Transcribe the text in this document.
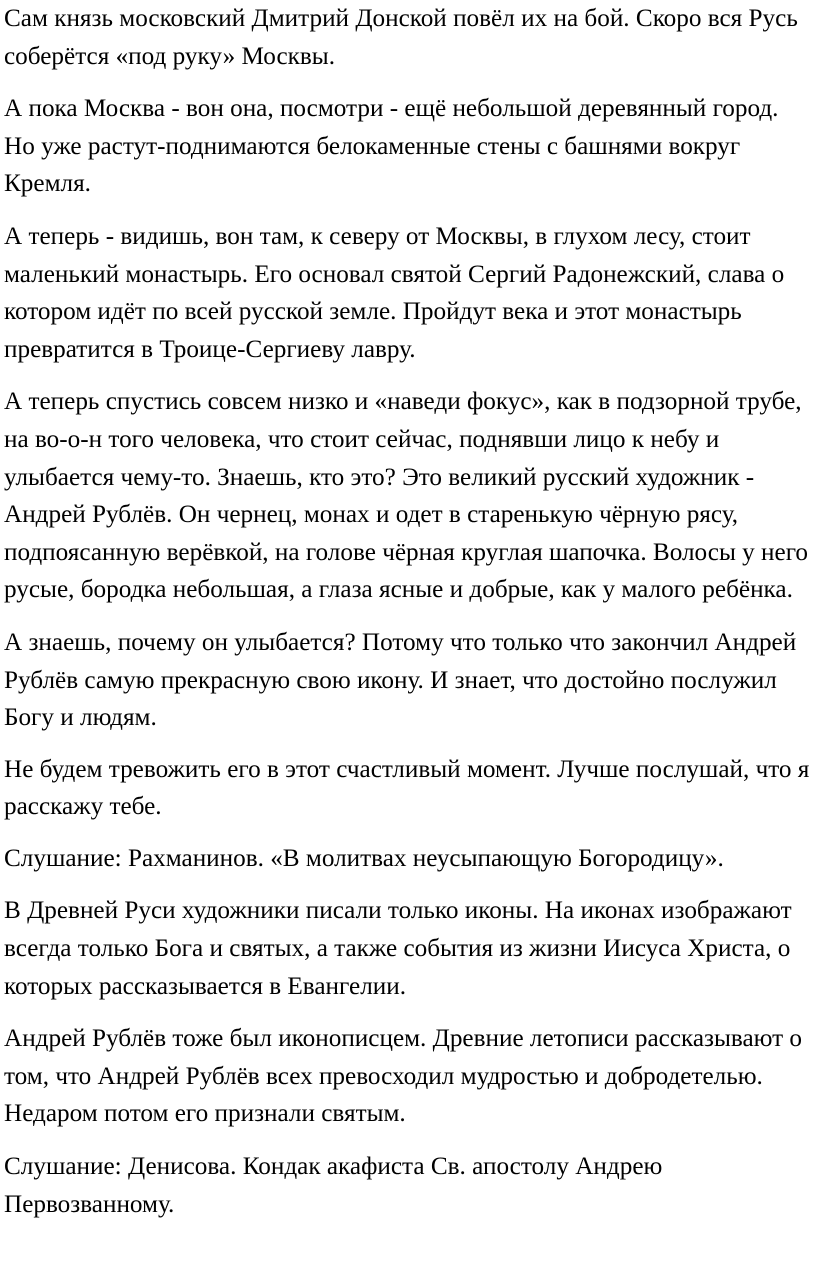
Сам князь московский Дмитрий Донской повёл их на бой. Скоро вся Русь соберётся «под руку» Москвы.

А пока Москва - вон она, посмотри - ещё небольшой деревянный город. Но уже растут-поднимаются белокаменные стены с башнями вокруг Кремля.

А теперь - видишь, вон там, к северу от Москвы, в глухом лесу, стоит маленький монастырь. Его основал святой Сергий Радонежский, слава о котором идёт по всей русской земле. Пройдут века и этот монастырь превратится в Троице-Сергиеву лавру.

А теперь спустись совсем низко и «наведи фокус», как в подзорной трубе, на во-о-н того человека, что стоит сейчас, поднявши лицо к небу и улыбается чему-то. Знаешь, кто это? Это великий русский художник - Андрей Рублёв. Он чернец, монах и одет в старенькую чёрную рясу, подпоясанную верёвкой, на голове чёрная круглая шапочка. Волосы у него русые, бородка небольшая, а глаза ясные и добрые, как у малого ребёнка.

А знаешь, почему он улыбается? Потому что только что закончил Андрей Рублёв самую прекрасную свою икону. И знает, что достойно послужил Богу и людям.

Не будем тревожить его в этот счастливый момент. Лучше послушай, что я расскажу тебе.

Слушание: Рахманинов. «В молитвах неусыпающую Богородицу».

В Древней Руси художники писали только иконы. На иконах изображают всегда только Бога и святых, а также события из жизни Иисуса Христа, о которых рассказывается в Евангелии.

Андрей Рублёв тоже был иконописцем. Древние летописи рассказывают о том, что Андрей Рублёв всех превосходил мудростью и добродетелью. Недаром потом его признали святым.

Слушание: Денисова. Кондак акафиста Св. апостолу Андрею Первозванному.
